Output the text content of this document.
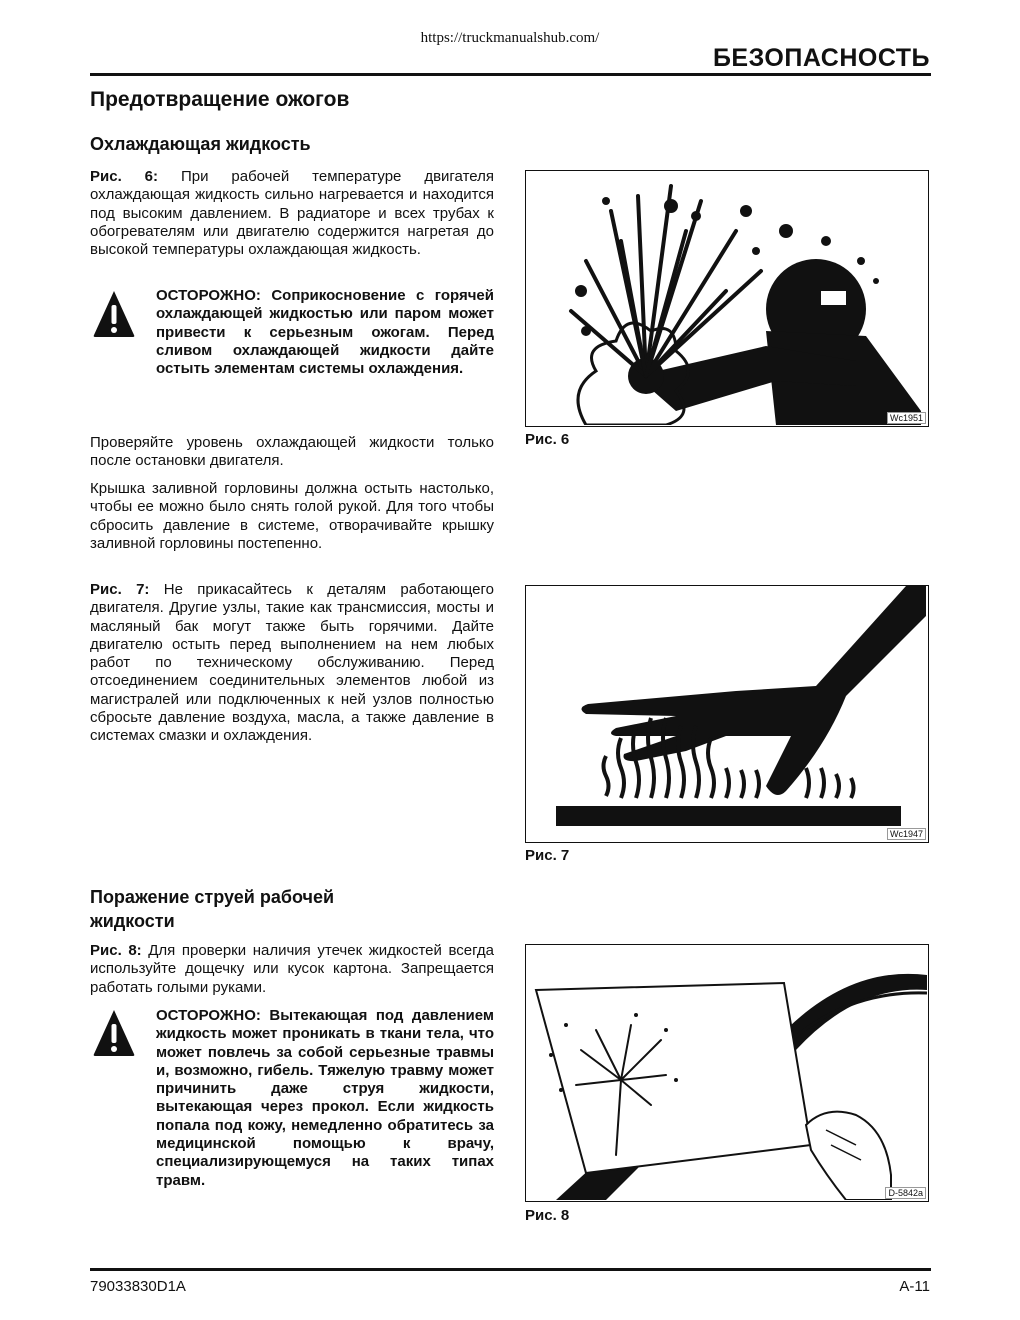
https://truckmanualshub.com/
БЕЗОПАСНОСТЬ
Предотвращение ожогов
Охлаждающая жидкость
Рис. 6: При рабочей температуре двигателя охлаждающая жидкость сильно нагревается и находится под высоким давлением. В радиаторе и всех трубах к обогревателям или двигателю содержится нагретая до высокой температуры охлаждающая жидкость.
ОСТОРОЖНО: Соприкосновение с горячей охлаждающей жидкостью или паром может привести к серьезным ожогам. Перед сливом охлаждающей жидкости дайте остыть элементам системы охлаждения.
Проверяйте уровень охлаждающей жидкости только после остановки двигателя.
Крышка заливной горловины должна остыть настолько, чтобы ее можно было снять голой рукой. Для того чтобы сбросить давление в системе, отворачивайте крышку заливной горловины постепенно.
Рис. 7: Не прикасайтесь к деталям работающего двигателя. Другие узлы, такие как трансмиссия, мосты и масляный бак могут также быть горячими. Дайте двигателю остыть перед выполнением на нем любых работ по техническому обслуживанию. Перед отсоединением соединительных элементов любой из магистралей или подключенных к ней узлов полностью сбросьте давление воздуха, масла, а также давление в системах смазки и охлаждения.
Поражение струей рабочей
жидкости
Рис. 8: Для проверки наличия утечек жидкостей всегда используйте дощечку или кусок картона. Запрещается работать голыми руками.
ОСТОРОЖНО: Вытекающая под давлением жидкость может проникать в ткани тела, что может повлечь за собой серьезные травмы и, возможно, гибель. Тяжелую травму может причинить даже струя жидкости, вытекающая через прокол. Если жидкость попала под кожу, немедленно обратитесь за медицинской помощью к врачу, специализирующемуся на таких типах травм.
Wc1951
Рис. 6
Wc1947
Рис. 7
D-5842a
Рис. 8
79033830D1A	A-11
